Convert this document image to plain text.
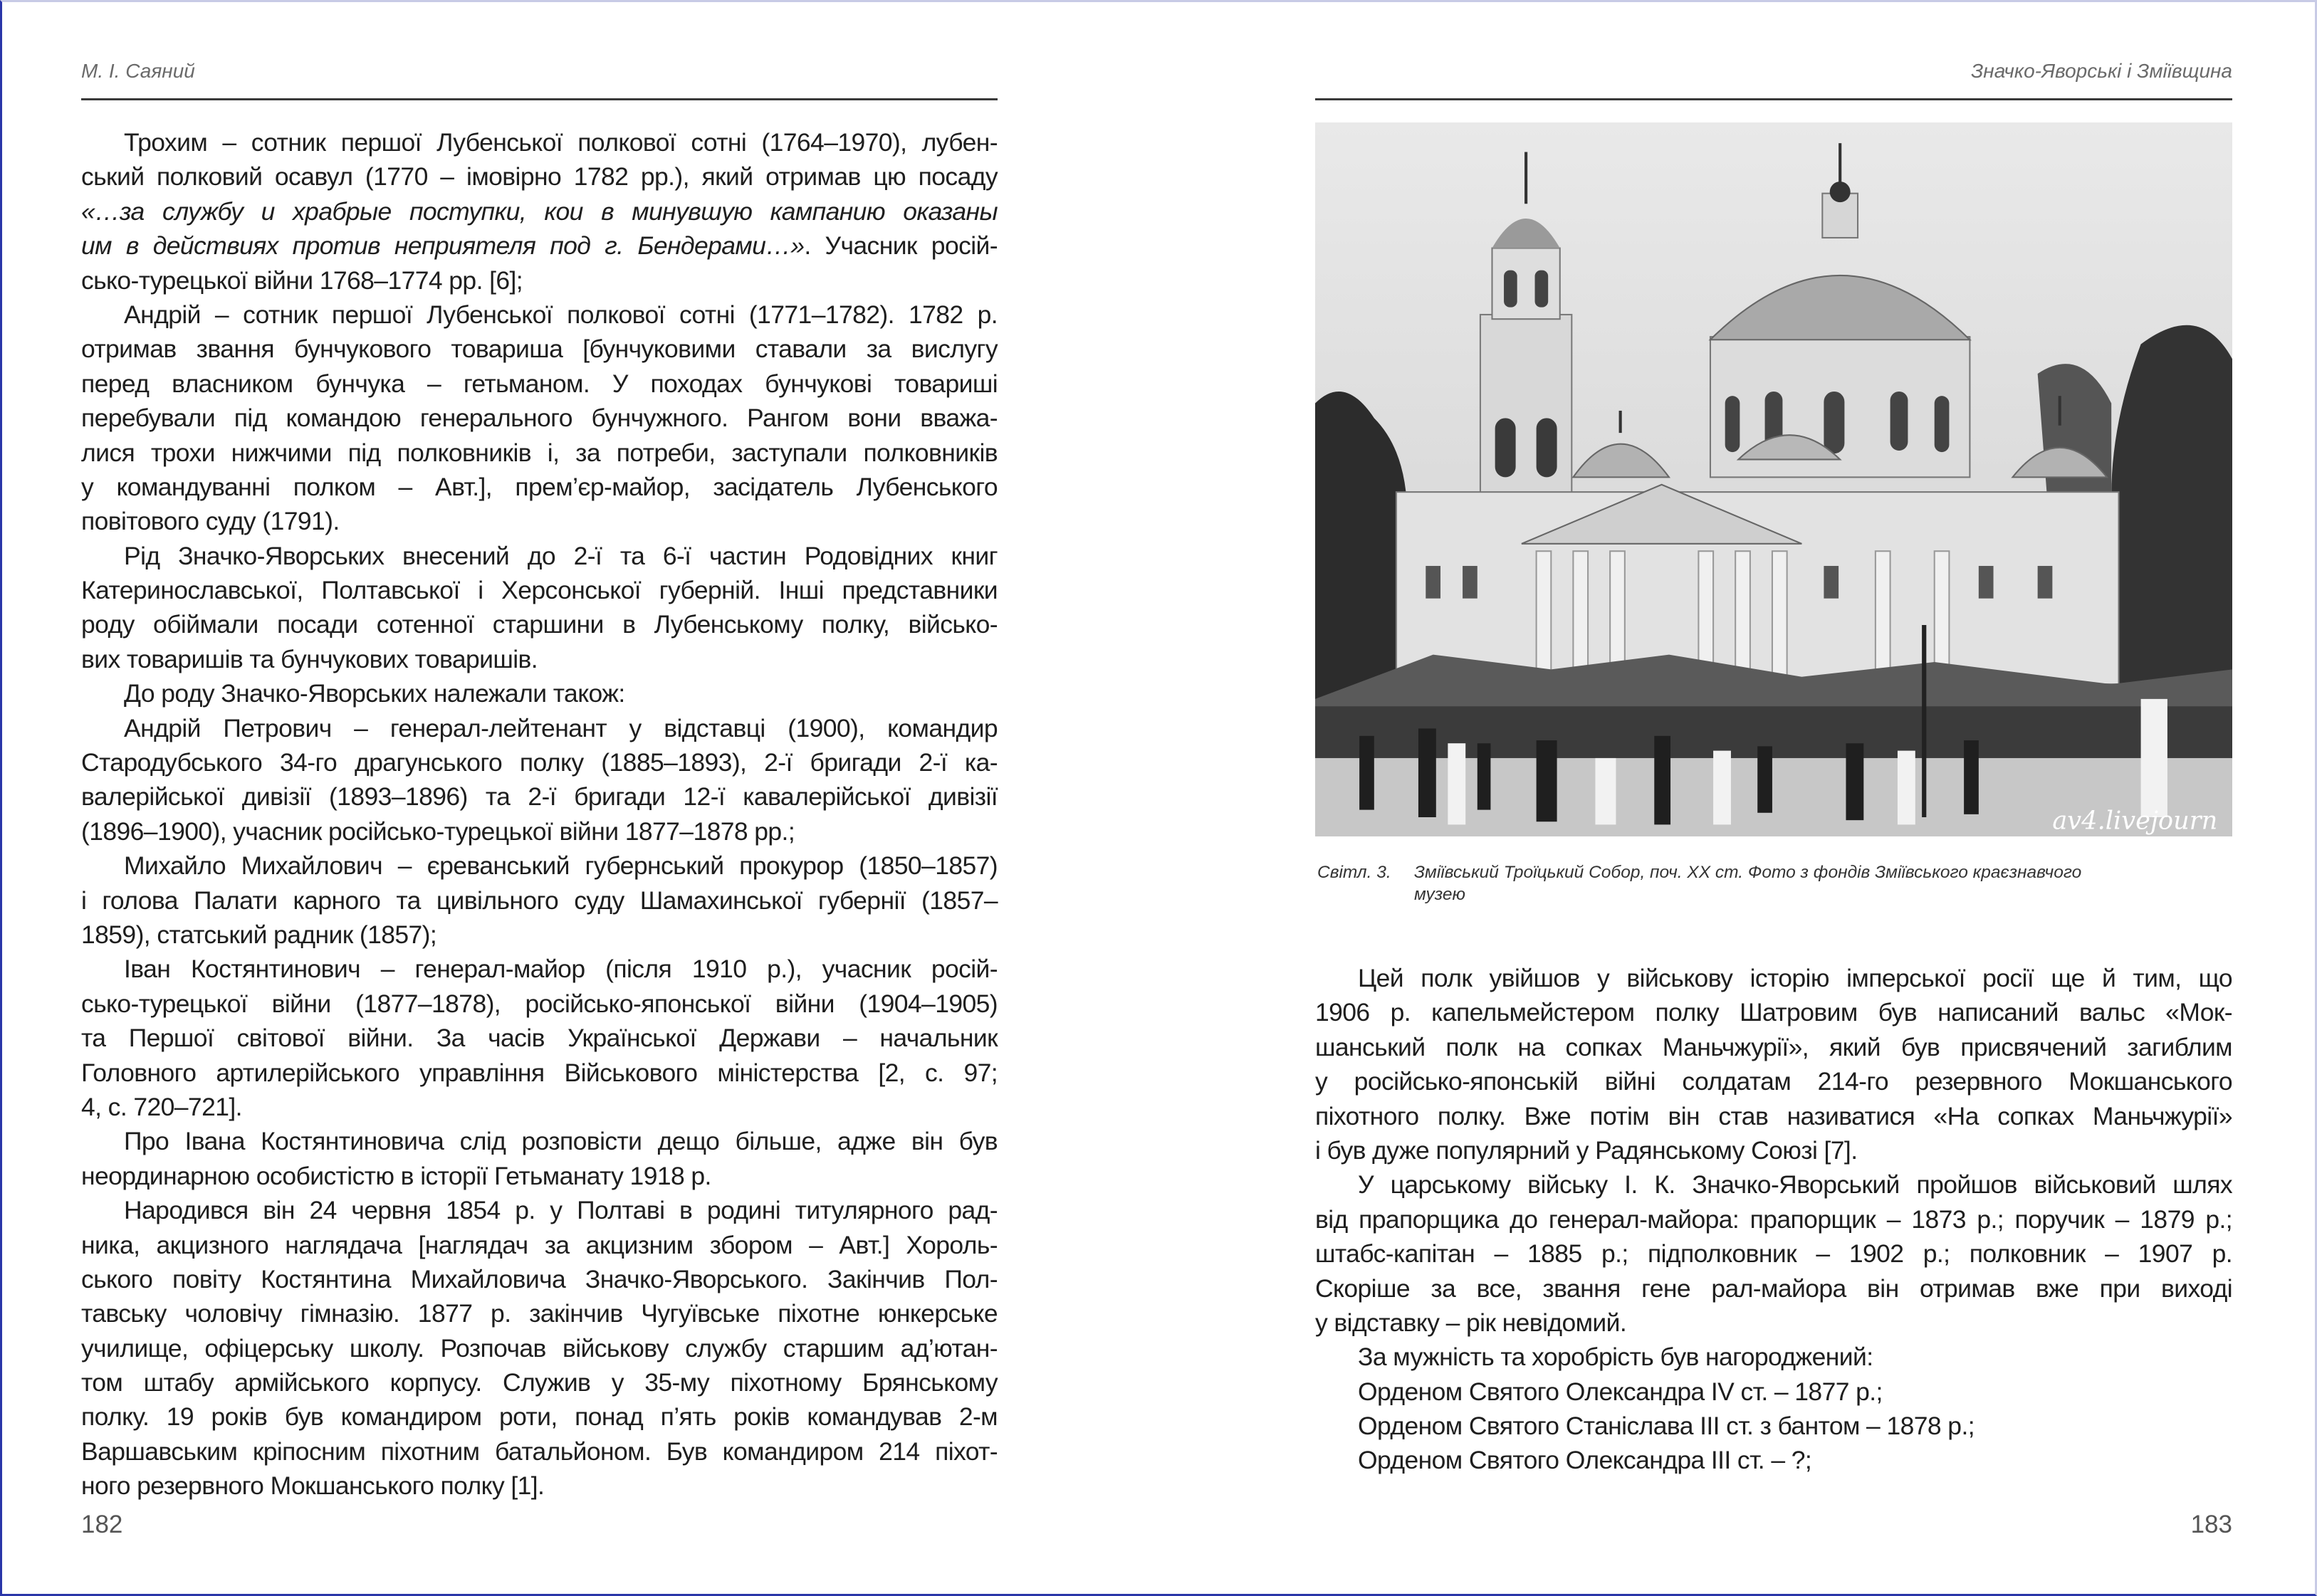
М. І. Саяний
Трохим – сотник першої Лубенської полкової сотні (1764–1970), лубен-
ський полковий осавул (1770 – імовірно 1782 рр.), який отримав цю посаду
«…за службу и храбрые поступки, кои в минувшую кампанию оказаны
им в действиях против неприятеля под г. Бендерами…». Учасник росій-
сько-турецької війни 1768–1774 рр. [6];
Андрій – сотник першої Лубенської полкової сотні (1771–1782). 1782 р.
отримав звання бунчукового товариша [бунчуковими ставали за вислугу
перед власником бунчука – гетьманом. У походах бунчукові товариші
перебували під командою генерального бунчужного. Рангом вони вважа-
лися трохи нижчими під полковників і, за потреби, заступали полковників
у командуванні полком – Авт.], прем’єр-майор, засідатель Лубенського
повітового суду (1791).
Рід Значко-Яворських внесений до 2-ї та 6-ї частин Родовідних книг
Катеринославської, Полтавської і Херсонської губерній. Інші представники
роду обіймали посади сотенної старшини в Лубенському полку, військо-
вих товаришів та бунчукових товаришів.
До роду Значко-Яворських належали також:
Андрій Петрович – генерал-лейтенант у відставці (1900), командир
Стародубського 34-го драгунського полку (1885–1893), 2-ї бригади 2-ї ка-
валерійської дивізії (1893–1896) та 2-ї бригади 12-ї кавалерійської дивізії
(1896–1900), учасник російсько-турецької війни 1877–1878 рр.;
Михайло Михайлович – єреванський губернський прокурор (1850–1857)
і голова Палати карного та цивільного суду Шамахинської губернії (1857–
1859), статський радник (1857);
Іван Костянтинович – генерал-майор (після 1910 р.), учасник росій-
сько-турецької війни (1877–1878), російсько-японської війни (1904–1905)
та Першої світової війни. За часів Української Держави – начальник
Головного артилерійського управління Військового міністерства [2, с. 97;
4, с. 720–721].
Про Івана Костянтиновича слід розповісти дещо більше, адже він був
неординарною особистістю в історії Гетьманату 1918 р.
Народився він 24 червня 1854 р. у Полтаві в родині титулярного рад-
ника, акцизного наглядача [наглядач за акцизним збором – Авт.] Хороль-
ського повіту Костянтина Михайловича Значко-Яворського. Закінчив Пол-
тавську чоловічу гімназію. 1877 р. закінчив Чугуївське піхотне юнкерське
училище, офіцерську школу. Розпочав військову службу старшим ад’ютан-
том штабу армійського корпусу. Служив у 35-му піхотному Брянському
полку. 19 років був командиром роти, понад п’ять років командував 2-м
Варшавським кріпосним піхотним батальйоном. Був командиром 214 піхот-
ного резервного Мокшанського полку [1].
182
Значко-Яворські і Зміївщина
av4.livejourn
Світл. 3. Зміївський Троїцький Собор, поч. ХХ ст. Фото з фондів Зміївського краєзнавчого музею
Цей полк увійшов у військову історію імперської росії ще й тим, що
1906 р. капельмейстером полку Шатровим був написаний вальс «Мок-
шанський полк на сопках Маньчжурії», який був присвячений загиблим
у російсько-японській війні солдатам 214-го резервного Мокшанського
піхотного полку. Вже потім він став називатися «На сопках Маньчжурії»
і був дуже популярний у Радянському Союзі [7].
У царському війську І. К. Значко-Яворський пройшов військовий шлях
від прапорщика до генерал-майора: прапорщик – 1873 р.; поручик – 1879 р.;
штабс-капітан – 1885 р.; підполковник – 1902 р.; полковник – 1907 р.
Скоріше за все, звання гене рал-майора він отримав вже при виході
у відставку – рік невідомий.
За мужність та хоробрість був нагороджений:
Орденом Святого Олександра IV ст. – 1877 р.;
Орденом Святого Станіслава III ст. з бантом – 1878 р.;
Орденом Святого Олександра III ст. – ?;
183
